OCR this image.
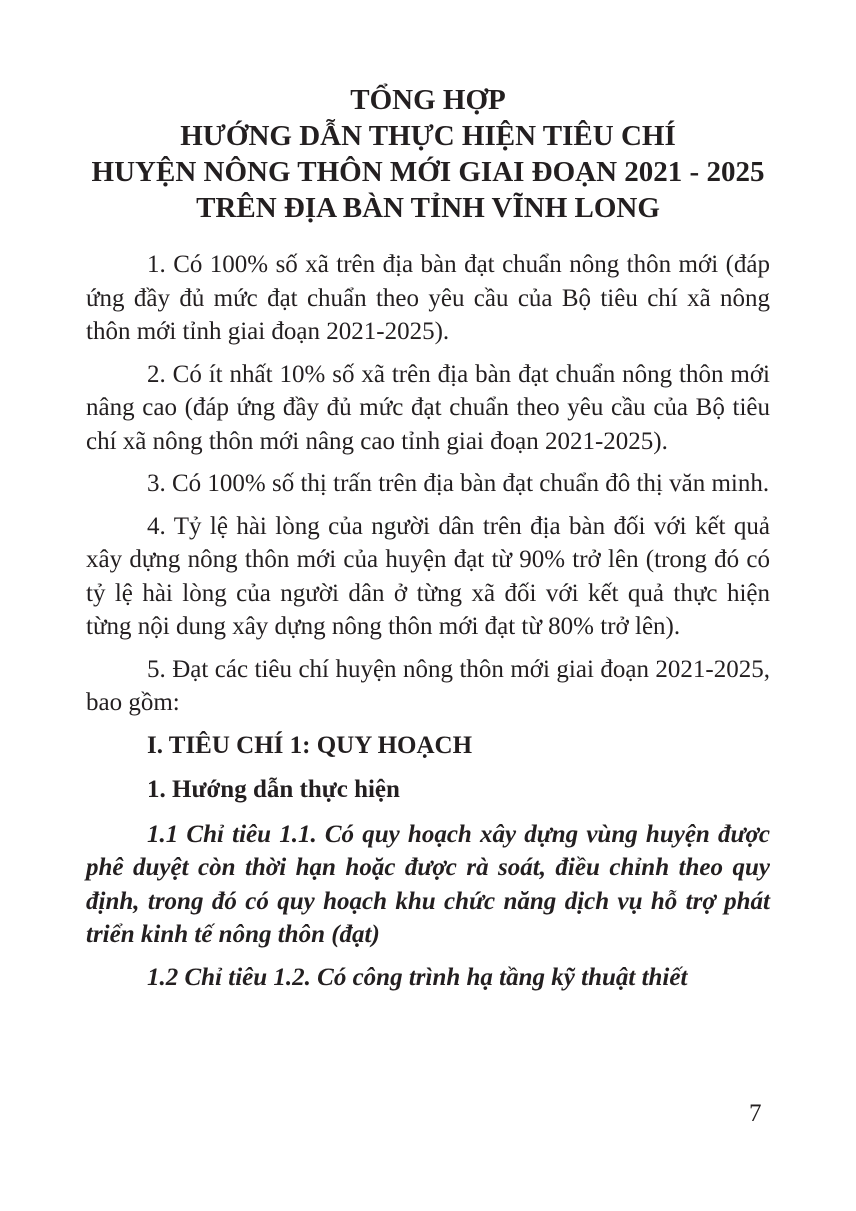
TỔNG HỢP
HƯỚNG DẪN THỰC HIỆN TIÊU CHÍ
HUYỆN NÔNG THÔN MỚI GIAI ĐOẠN 2021 - 2025
TRÊN ĐỊA BÀN TỈNH VĨNH LONG

1. Có 100% số xã trên địa bàn đạt chuẩn nông thôn mới (đáp ứng đầy đủ mức đạt chuẩn theo yêu cầu của Bộ tiêu chí xã nông thôn mới tỉnh giai đoạn 2021-2025).

2. Có ít nhất 10% số xã trên địa bàn đạt chuẩn nông thôn mới nâng cao (đáp ứng đầy đủ mức đạt chuẩn theo yêu cầu của Bộ tiêu chí xã nông thôn mới nâng cao tỉnh giai đoạn 2021-2025).

3. Có 100% số thị trấn trên địa bàn đạt chuẩn đô thị văn minh.

4. Tỷ lệ hài lòng của người dân trên địa bàn đối với kết quả xây dựng nông thôn mới của huyện đạt từ 90% trở lên (trong đó có tỷ lệ hài lòng của người dân ở từng xã đối với kết quả thực hiện từng nội dung xây dựng nông thôn mới đạt từ 80% trở lên).

5. Đạt các tiêu chí huyện nông thôn mới giai đoạn 2021-2025, bao gồm:

I. TIÊU CHÍ 1: QUY HOẠCH

1. Hướng dẫn thực hiện

1.1 Chỉ tiêu 1.1. Có quy hoạch xây dựng vùng huyện được phê duyệt còn thời hạn hoặc được rà soát, điều chỉnh theo quy định, trong đó có quy hoạch khu chức năng dịch vụ hỗ trợ phát triển kinh tế nông thôn (đạt)

1.2 Chỉ tiêu 1.2. Có công trình hạ tầng kỹ thuật thiết

7
